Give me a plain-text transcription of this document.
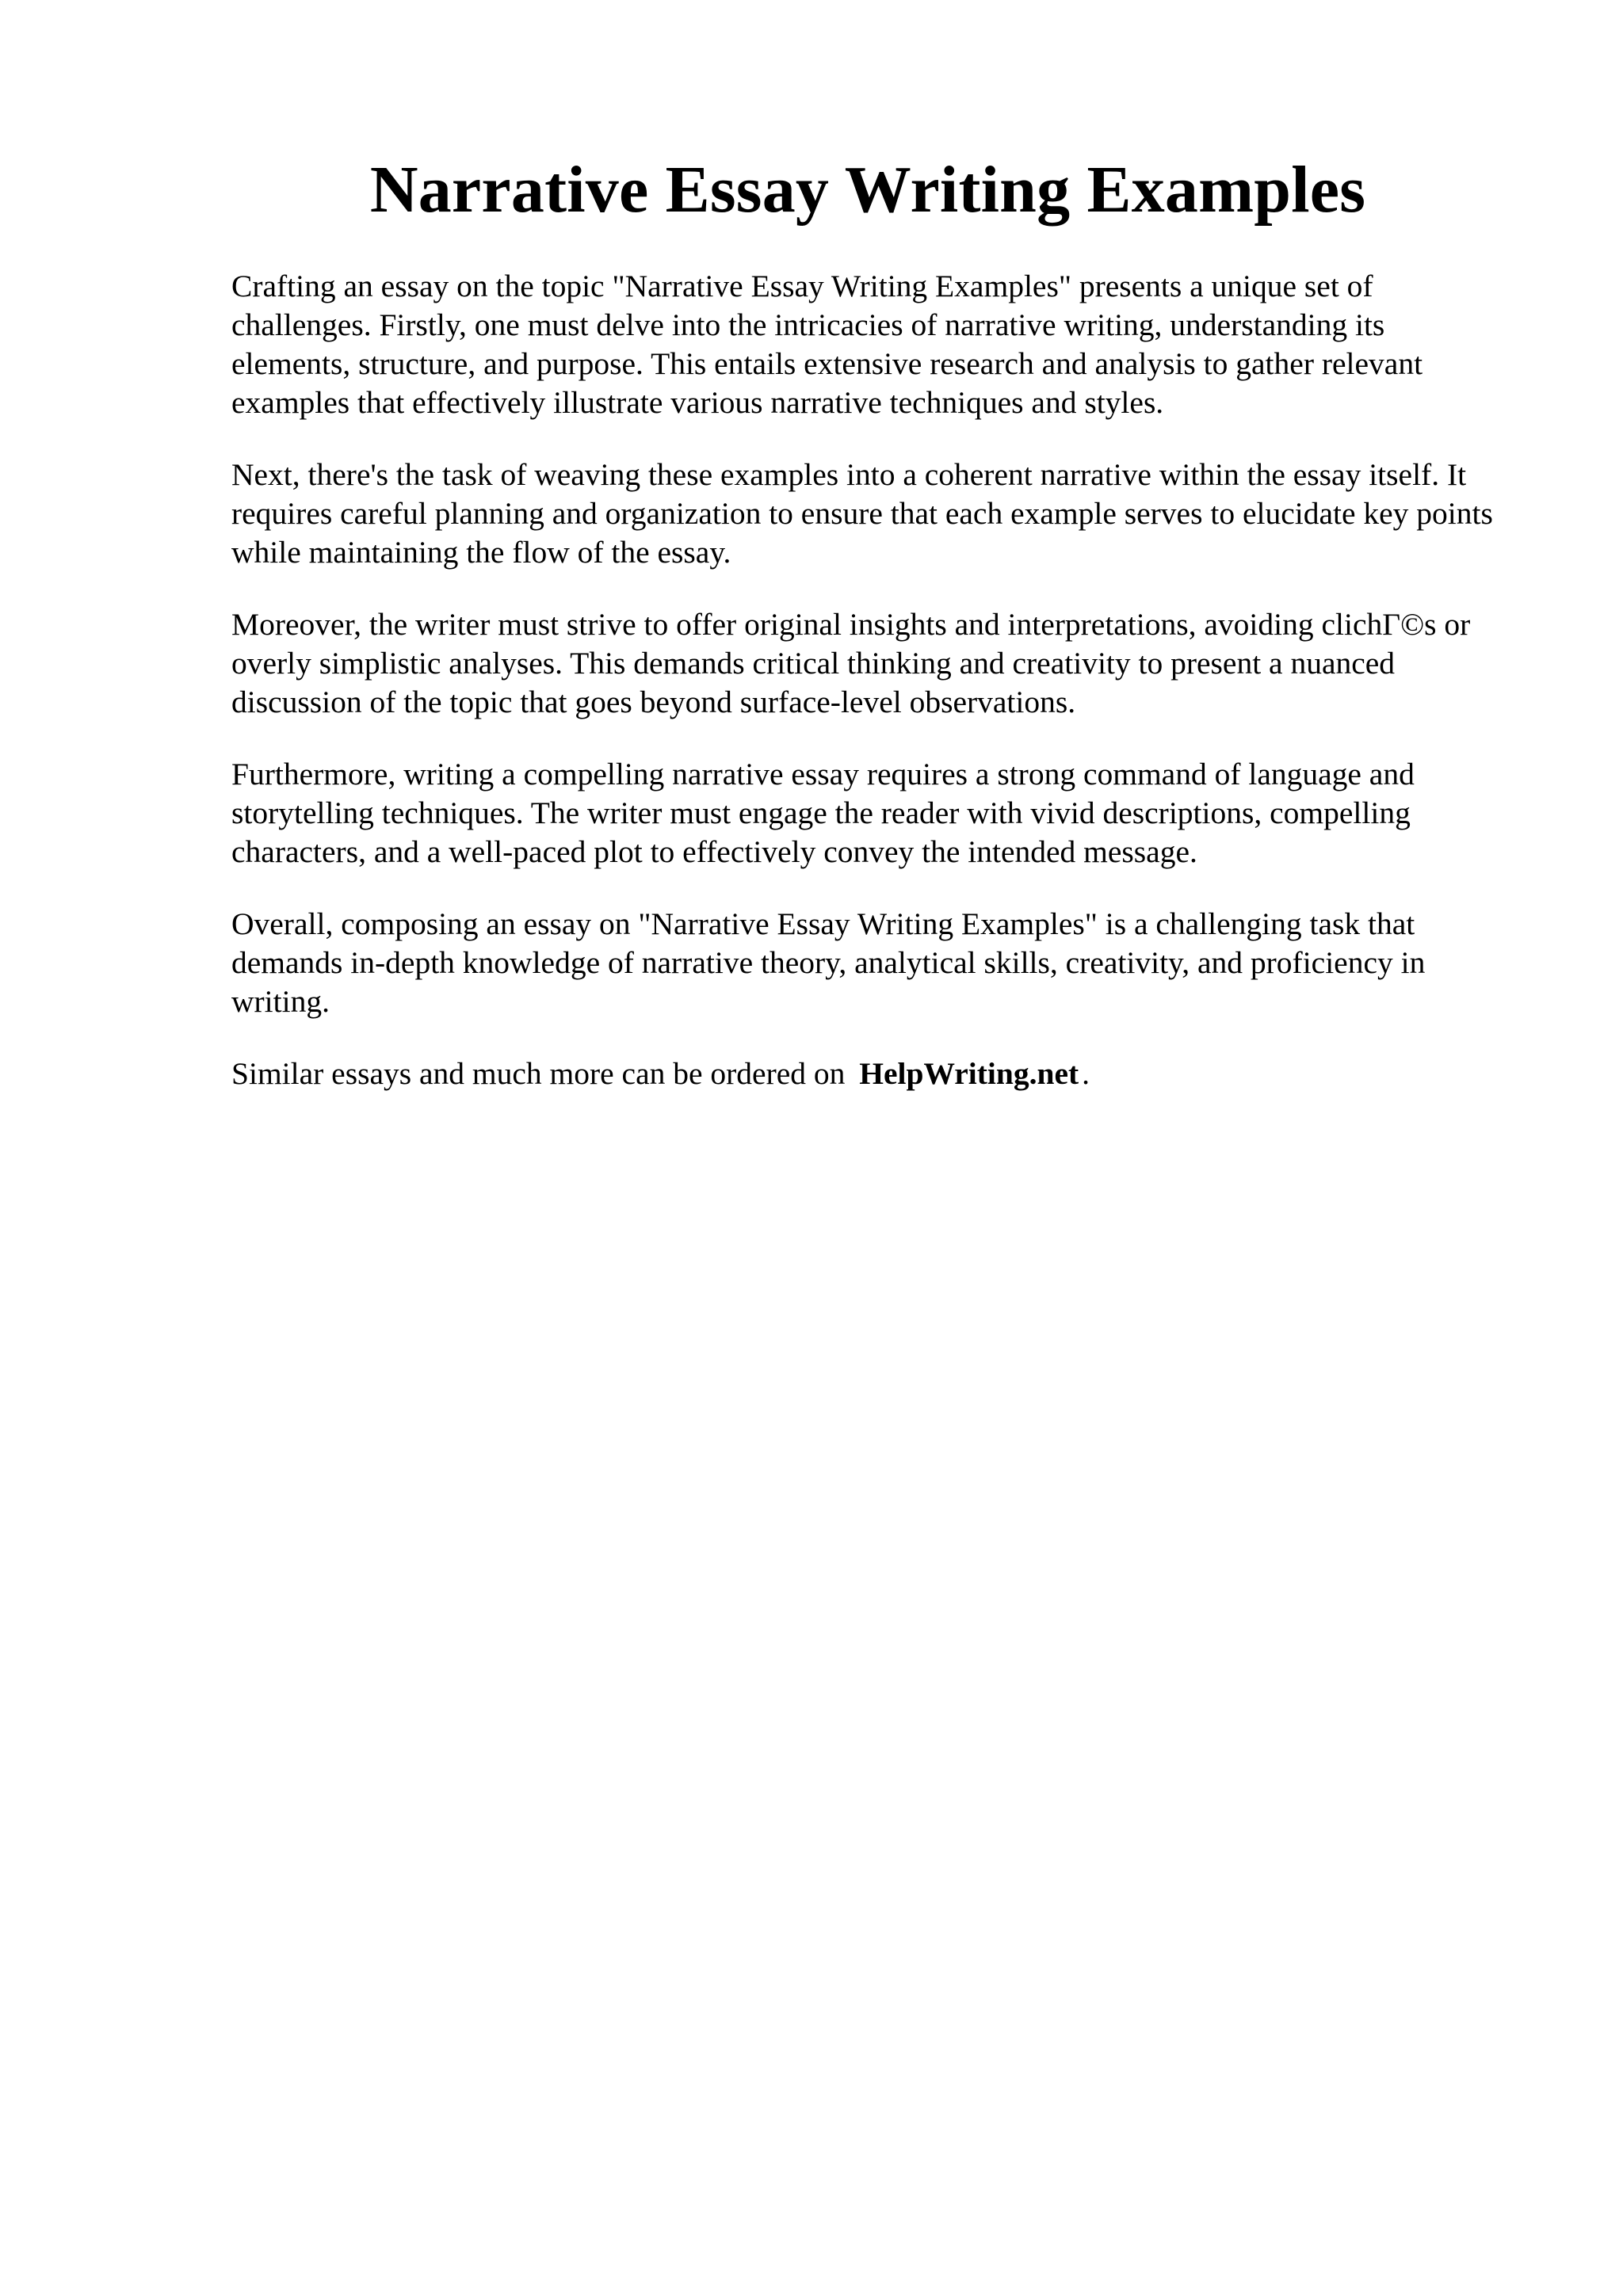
Narrative Essay Writing Examples

Crafting an essay on the topic "Narrative Essay Writing Examples" presents a unique set of challenges. Firstly, one must delve into the intricacies of narrative writing, understanding its elements, structure, and purpose. This entails extensive research and analysis to gather relevant examples that effectively illustrate various narrative techniques and styles.

Next, there's the task of weaving these examples into a coherent narrative within the essay itself. It requires careful planning and organization to ensure that each example serves to elucidate key points while maintaining the flow of the essay.

Moreover, the writer must strive to offer original insights and interpretations, avoiding clichΓ©s or overly simplistic analyses. This demands critical thinking and creativity to present a nuanced discussion of the topic that goes beyond surface-level observations.

Furthermore, writing a compelling narrative essay requires a strong command of language and storytelling techniques. The writer must engage the reader with vivid descriptions, compelling characters, and a well-paced plot to effectively convey the intended message.

Overall, composing an essay on "Narrative Essay Writing Examples" is a challenging task that demands in-depth knowledge of narrative theory, analytical skills, creativity, and proficiency in writing.

Similar essays and much more can be ordered on HelpWriting.net .
